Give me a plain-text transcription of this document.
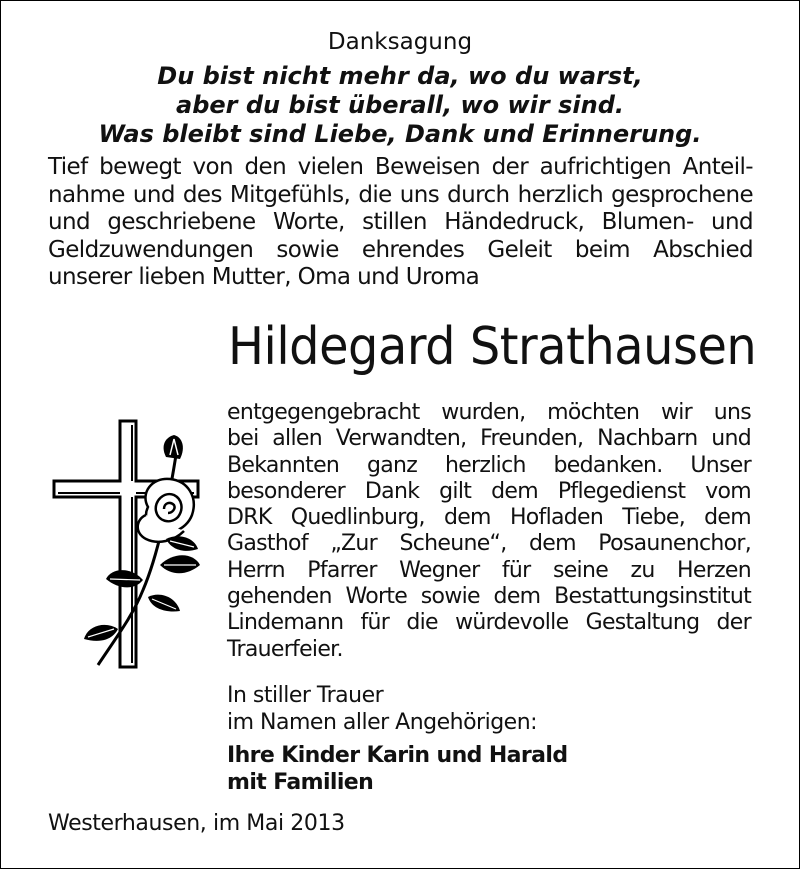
Danksagung
Du bist nicht mehr da, wo du warst,
aber du bist überall, wo wir sind.
Was bleibt sind Liebe, Dank und Erinnerung.
Tief bewegt von den vielen Beweisen der aufrichtigen Anteil-
nahme und des Mitgefühls, die uns durch herzlich gesprochene
und geschriebene Worte, stillen Händedruck, Blumen- und
Geldzuwendungen sowie ehrendes Geleit beim Abschied
unserer lieben Mutter, Oma und Uroma
Hildegard Strathausen
entgegengebracht wurden, möchten wir uns
bei allen Verwandten, Freunden, Nachbarn und
Bekannten ganz herzlich bedanken. Unser
besonderer Dank gilt dem Pflegedienst vom
DRK Quedlinburg, dem Hofladen Tiebe, dem
Gasthof „Zur Scheune“, dem Posaunenchor,
Herrn Pfarrer Wegner für seine zu Herzen
gehenden Worte sowie dem Bestattungsinstitut
Lindemann für die würdevolle Gestaltung der
Trauerfeier.
In stiller Trauer
im Namen aller Angehörigen:
Ihre Kinder Karin und Harald
mit Familien
Westerhausen, im Mai 2013
